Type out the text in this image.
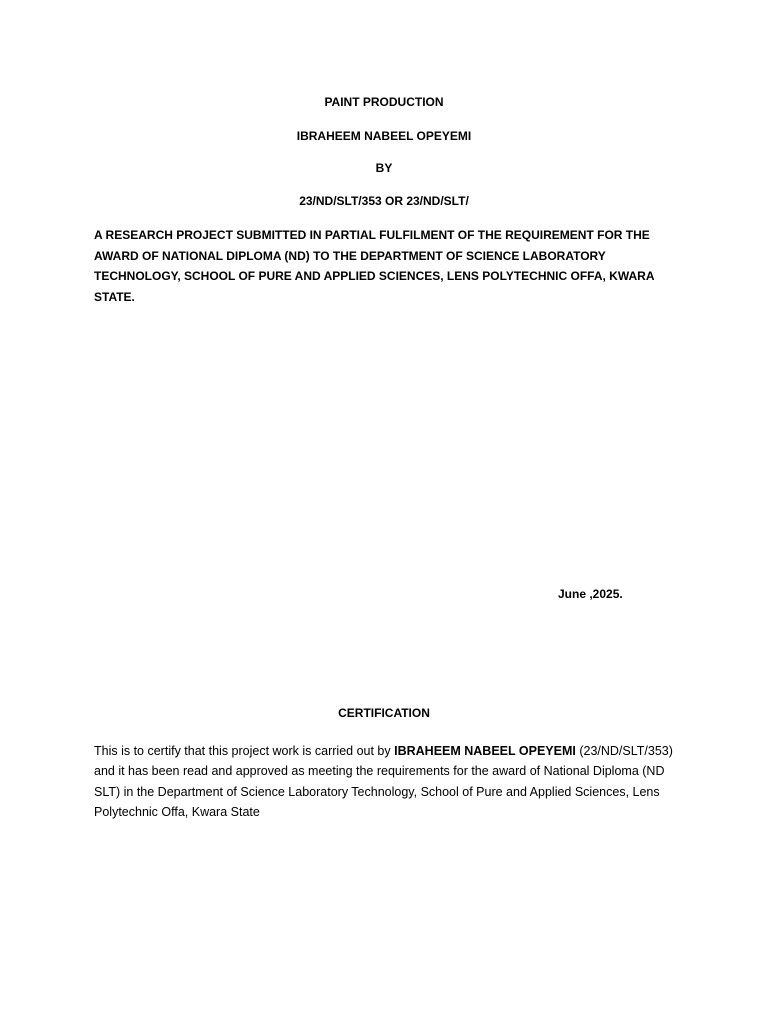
PAINT PRODUCTION

IBRAHEEM NABEEL OPEYEMI

BY

23/ND/SLT/353 OR 23/ND/SLT/

A RESEARCH PROJECT SUBMITTED IN PARTIAL FULFILMENT OF THE REQUIREMENT FOR THE AWARD OF NATIONAL DIPLOMA (ND) TO THE DEPARTMENT OF SCIENCE LABORATORY TECHNOLOGY, SCHOOL OF PURE AND APPLIED SCIENCES, LENS POLYTECHNIC OFFA, KWARA STATE.

June ,2025.

CERTIFICATION

This is to certify that this project work is carried out by IBRAHEEM NABEEL OPEYEMI (23/ND/SLT/353) and it has been read and approved as meeting the requirements for the award of National Diploma (ND SLT) in the Department of Science Laboratory Technology, School of Pure and Applied Sciences, Lens Polytechnic Offa, Kwara State
